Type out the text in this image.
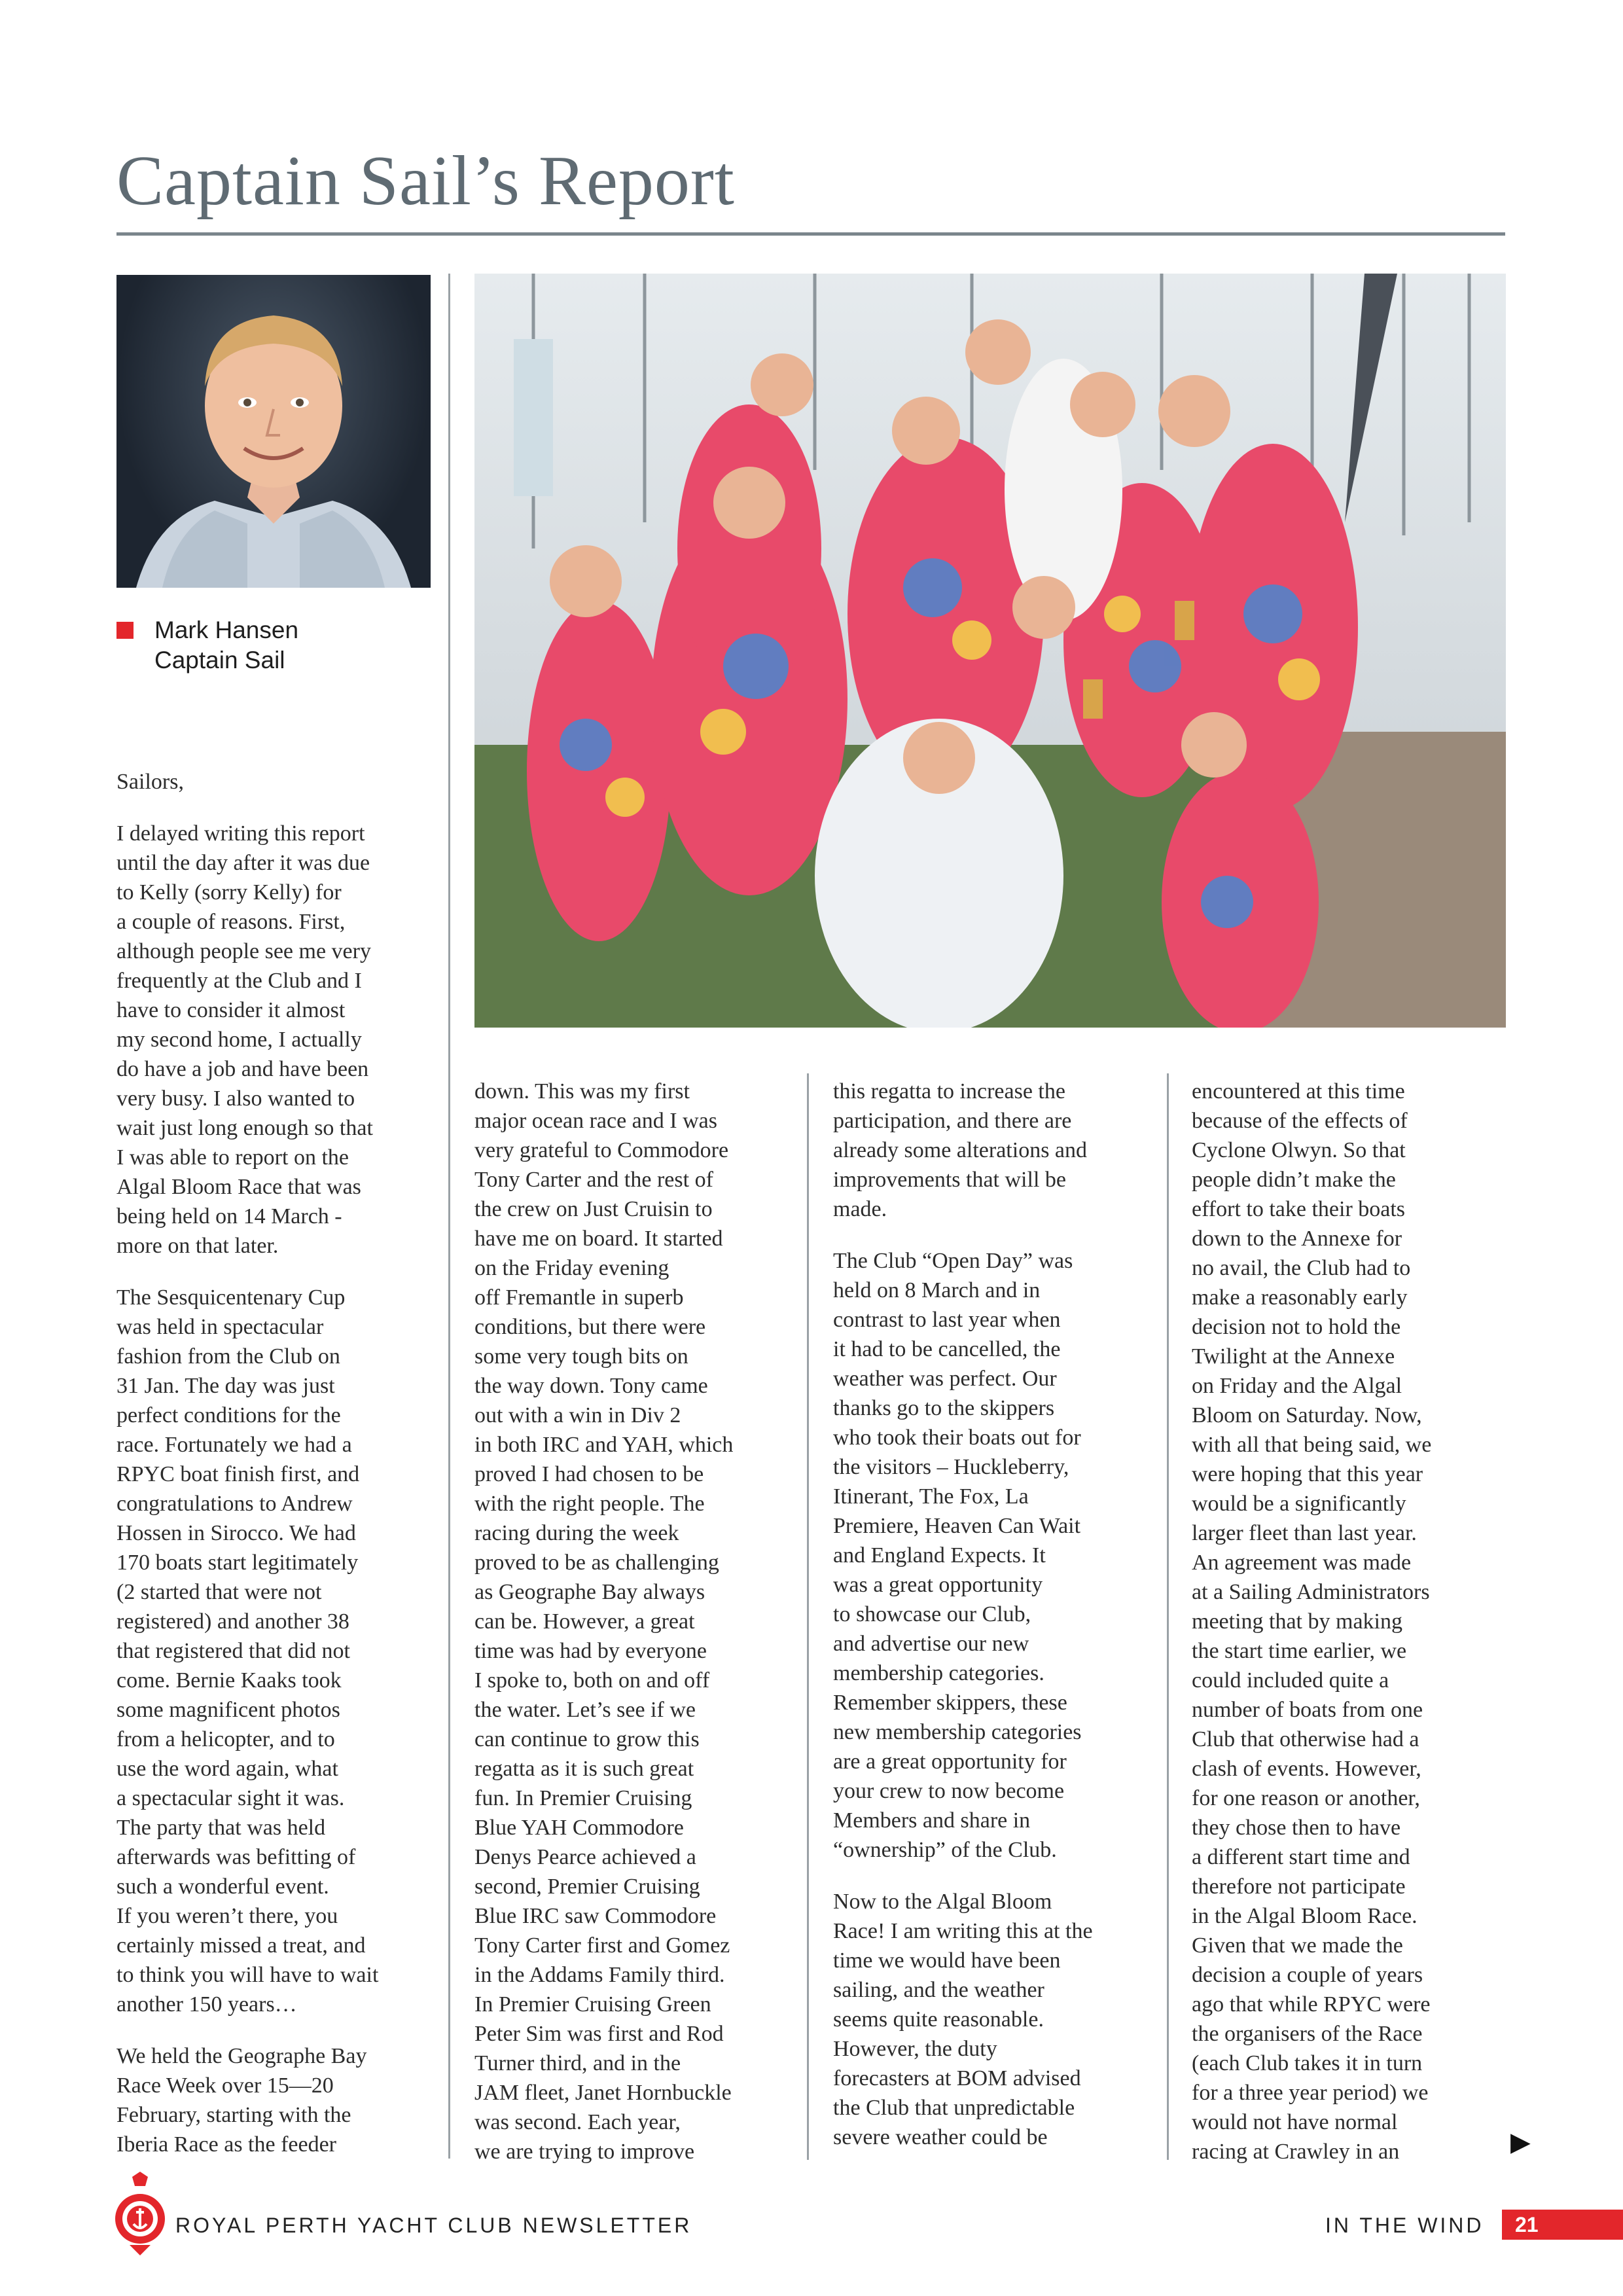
Captain Sail’s Report
Mark Hansen
Captain Sail

Sailors,

I delayed writing this report
until the day after it was due
to Kelly (sorry Kelly) for
a couple of reasons. First,
although people see me very
frequently at the Club and I
have to consider it almost
my second home, I actually
do have a job and have been
very busy. I also wanted to
wait just long enough so that
I was able to report on the
Algal Bloom Race that was
being held on 14 March -
more on that later.

The Sesquicentenary Cup
was held in spectacular
fashion from the Club on
31 Jan. The day was just
perfect conditions for the
race. Fortunately we had a
RPYC boat finish first, and
congratulations to Andrew
Hossen in Sirocco. We had
170 boats start legitimately
(2 started that were not
registered) and another 38
that registered that did not
come. Bernie Kaaks took
some magnificent photos
from a helicopter, and to
use the word again, what
a spectacular sight it was.
The party that was held
afterwards was befitting of
such a wonderful event.
If you weren’t there, you
certainly missed a treat, and
to think you will have to wait
another 150 years…

We held the Geographe Bay
Race Week over 15—20
February, starting with the
Iberia Race as the feeder

down. This was my first
major ocean race and I was
very grateful to Commodore
Tony Carter and the rest of
the crew on Just Cruisin to
have me on board. It started
on the Friday evening
off Fremantle in superb
conditions, but there were
some very tough bits on
the way down. Tony came
out with a win in Div 2
in both IRC and YAH, which
proved I had chosen to be
with the right people. The
racing during the week
proved to be as challenging
as Geographe Bay always
can be. However, a great
time was had by everyone
I spoke to, both on and off
the water. Let’s see if we
can continue to grow this
regatta as it is such great
fun. In Premier Cruising
Blue YAH Commodore
Denys Pearce achieved a
second, Premier Cruising
Blue IRC saw Commodore
Tony Carter first and Gomez
in the Addams Family third.
In Premier Cruising Green
Peter Sim was first and Rod
Turner third, and in the
JAM fleet, Janet Hornbuckle
was second. Each year,
we are trying to improve

this regatta to increase the
participation, and there are
already some alterations and
improvements that will be
made.

The Club “Open Day” was
held on 8 March and in
contrast to last year when
it had to be cancelled, the
weather was perfect. Our
thanks go to the skippers
who took their boats out for
the visitors – Huckleberry,
Itinerant, The Fox, La
Premiere, Heaven Can Wait
and England Expects. It
was a great opportunity
to showcase our Club,
and advertise our new
membership categories.
Remember skippers, these
new membership categories
are a great opportunity for
your crew to now become
Members and share in
“ownership” of the Club.

Now to the Algal Bloom
Race! I am writing this at the
time we would have been
sailing, and the weather
seems quite reasonable.
However, the duty
forecasters at BOM advised
the Club that unpredictable
severe weather could be

encountered at this time
because of the effects of
Cyclone Olwyn. So that
people didn’t make the
effort to take their boats
down to the Annexe for
no avail, the Club had to
make a reasonably early
decision not to hold the
Twilight at the Annexe
on Friday and the Algal
Bloom on Saturday. Now,
with all that being said, we
were hoping that this year
would be a significantly
larger fleet than last year.
An agreement was made
at a Sailing Administrators
meeting that by making
the start time earlier, we
could included quite a
number of boats from one
Club that otherwise had a
clash of events. However,
for one reason or another,
they chose then to have
a different start time and
therefore not participate
in the Algal Bloom Race.
Given that we made the
decision a couple of years
ago that while RPYC were
the organisers of the Race
(each Club takes it in turn
for a three year period) we
would not have normal
racing at Crawley in an	▶
ROYAL PERTH YACHT CLUB NEWSLETTER	IN THE WIND 21
